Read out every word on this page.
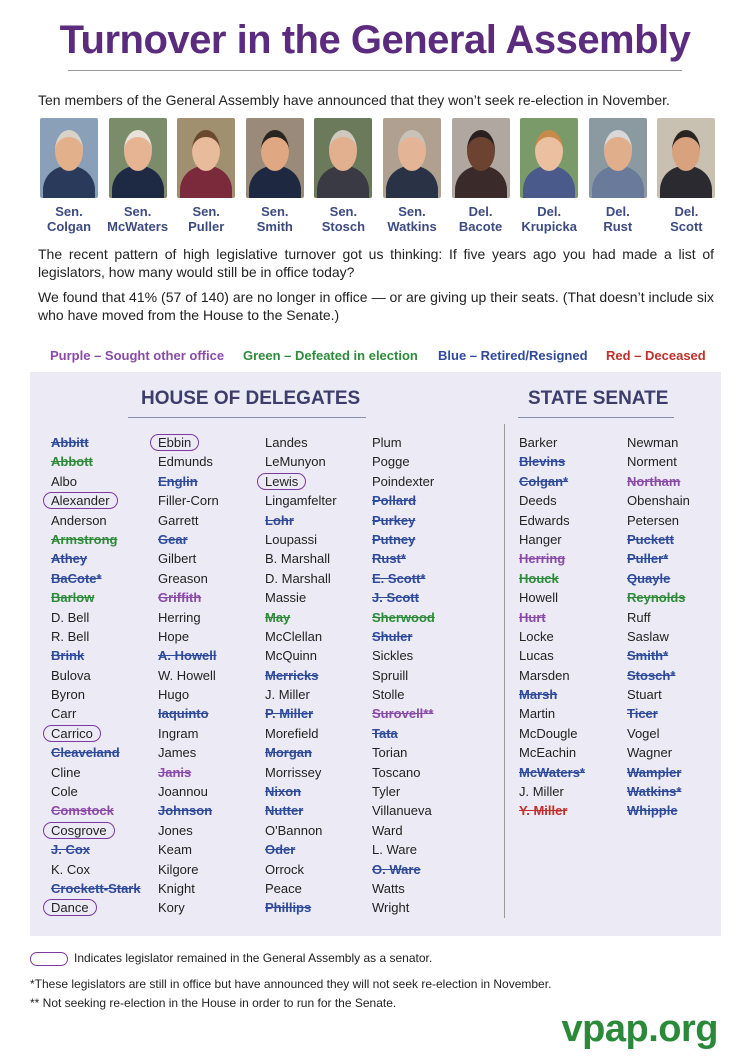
Turnover in the General Assembly
Ten members of the General Assembly have announced that they won’t seek re-election in November.
Sen.
Colgan
Sen.
McWaters
Sen.
Puller
Sen.
Smith
Sen.
Stosch
Sen.
Watkins
Del.
Bacote
Del.
Krupicka
Del.
Rust
Del.
Scott
The recent pattern of high legislative turnover got us thinking: If five years ago you had made a list of legislators, how many would still be in office today?
We found that 41% (57 of 140) are no longer in office — or are giving up their seats. (That doesn’t include six who have moved from the House to the Senate.)
Purple – Sought other office Green – Defeated in election Blue – Retired/Resigned Red – Deceased
HOUSE OF DELEGATES	STATE SENATE
Abbitt
Abbott
Albo
Alexander
Anderson
Armstrong
Athey
BaCote*
Barlow
D. Bell
R. Bell
Brink
Bulova
Byron
Carr
Carrico
Cleaveland
Cline
Cole
Comstock
Cosgrove
J. Cox
K. Cox
Crockett-Stark
Dance
Ebbin
Edmunds
Englin
Filler-Corn
Garrett
Gear
Gilbert
Greason
Griffith
Herring
Hope
A. Howell
W. Howell
Hugo
Iaquinto
Ingram
James
Janis
Joannou
Johnson
Jones
Keam
Kilgore
Knight
Kory
Landes
LeMunyon
Lewis
Lingamfelter
Lohr
Loupassi
B. Marshall
D. Marshall
Massie
May
McClellan
McQuinn
Merricks
J. Miller
P. Miller
Morefield
Morgan
Morrissey
Nixon
Nutter
O'Bannon
Oder
Orrock
Peace
Phillips
Plum
Pogge
Poindexter
Pollard
Purkey
Putney
Rust*
E. Scott*
J. Scott
Sherwood
Shuler
Sickles
Spruill
Stolle
Surovell**
Tata
Torian
Toscano
Tyler
Villanueva
Ward
L. Ware
O. Ware
Watts
Wright
Barker
Blevins
Colgan*
Deeds
Edwards
Hanger
Herring
Houck
Howell
Hurt
Locke
Lucas
Marsden
Marsh
Martin
McDougle
McEachin
McWaters*
J. Miller
Y. Miller
Newman
Norment
Northam
Obenshain
Petersen
Puckett
Puller*
Quayle
Reynolds
Ruff
Saslaw
Smith*
Stosch*
Stuart
Ticer
Vogel
Wagner
Wampler
Watkins*
Whipple
Indicates legislator remained in the General Assembly as a senator.
*These legislators are still in office but have announced they will not seek re-election in November.
** Not seeking re-election in the House in order to run for the Senate.
vpap.org
